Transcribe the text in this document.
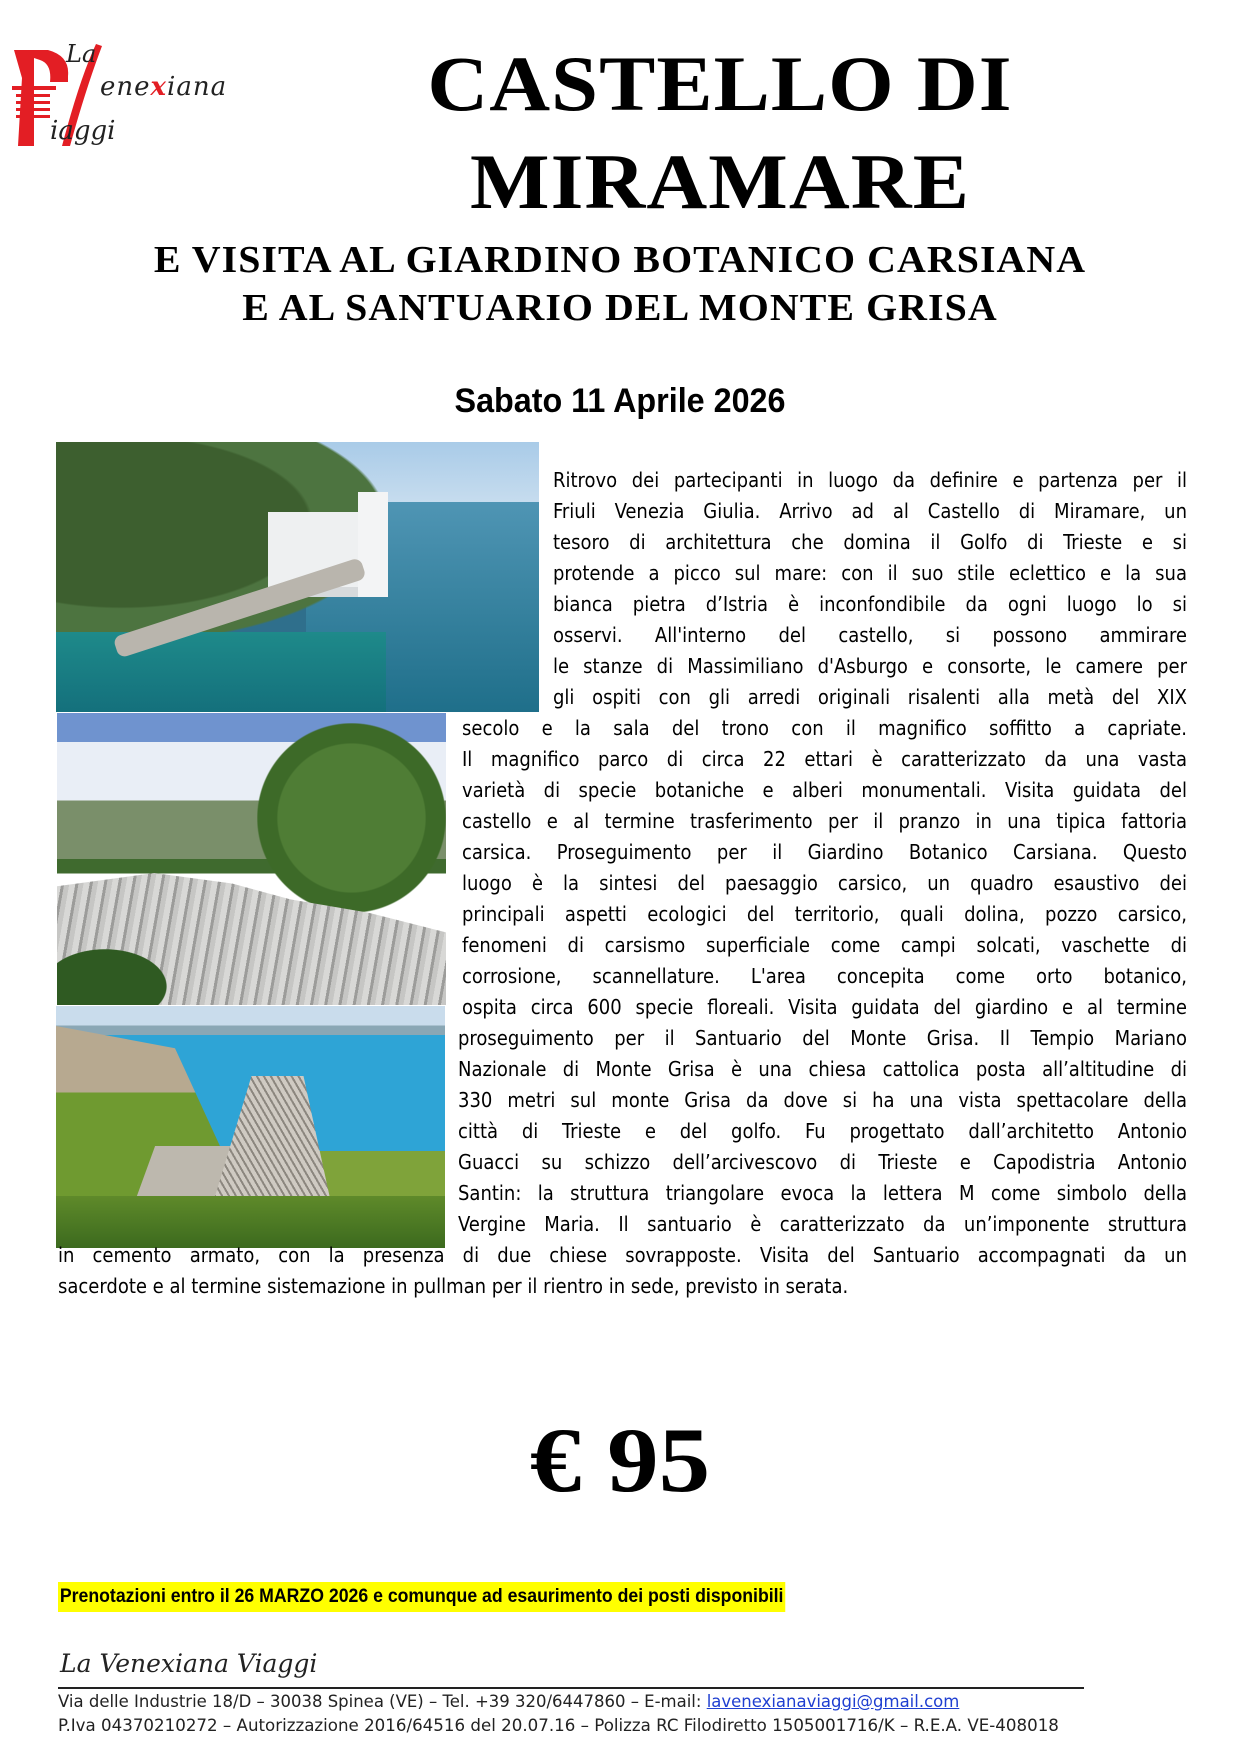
La
enexiana
iaggi
CASTELLO DI
MIRAMARE
E VISITA AL GIARDINO BOTANICO CARSIANA
E AL SANTUARIO DEL MONTE GRISA
Sabato 11 Aprile 2026
Ritrovo dei partecipanti in luogo da definire e partenza per il
Friuli Venezia Giulia. Arrivo ad al Castello di Miramare, un
tesoro di architettura che domina il Golfo di Trieste e si
protende a picco sul mare: con il suo stile eclettico e la sua
bianca pietra d’Istria è inconfondibile da ogni luogo lo si
osservi. All'interno del castello, si possono ammirare
le stanze di Massimiliano d'Asburgo e consorte, le camere per
gli ospiti con gli arredi originali risalenti alla metà del XIX
secolo e la sala del trono con il magnifico soffitto a capriate.
Il magnifico parco di circa 22 ettari è caratterizzato da una vasta
varietà di specie botaniche e alberi monumentali. Visita guidata del
castello e al termine trasferimento per il pranzo in una tipica fattoria
carsica. Proseguimento per il Giardino Botanico Carsiana. Questo
luogo è la sintesi del paesaggio carsico, un quadro esaustivo dei
principali aspetti ecologici del territorio, quali dolina, pozzo carsico,
fenomeni di carsismo superficiale come campi solcati, vaschette di
corrosione, scannellature. L'area concepita come orto botanico,
ospita circa 600 specie floreali. Visita guidata del giardino e al termine
proseguimento per il Santuario del Monte Grisa. Il Tempio Mariano
Nazionale di Monte Grisa è una chiesa cattolica posta all’altitudine di
330 metri sul monte Grisa da dove si ha una vista spettacolare della
città di Trieste e del golfo. Fu progettato dall’architetto Antonio
Guacci su schizzo dell’arcivescovo di Trieste e Capodistria Antonio
Santin: la struttura triangolare evoca la lettera M come simbolo della
Vergine Maria. Il santuario è caratterizzato da un’imponente struttura
in cemento armato, con la presenza di due chiese sovrapposte. Visita del Santuario accompagnati da un
sacerdote e al termine sistemazione in pullman per il rientro in sede, previsto in serata.
€ 95
Prenotazioni entro il 26 MARZO 2026 e comunque ad esaurimento dei posti disponibili
La Venexiana Viaggi
Via delle Industrie 18/D – 30038 Spinea (VE) – Tel. +39 320/6447860 – E-mail: lavenexianaviaggi@gmail.com
P.Iva 04370210272 – Autorizzazione 2016/64516 del 20.07.16 – Polizza RC Filodiretto 1505001716/K – R.E.A. VE-408018
